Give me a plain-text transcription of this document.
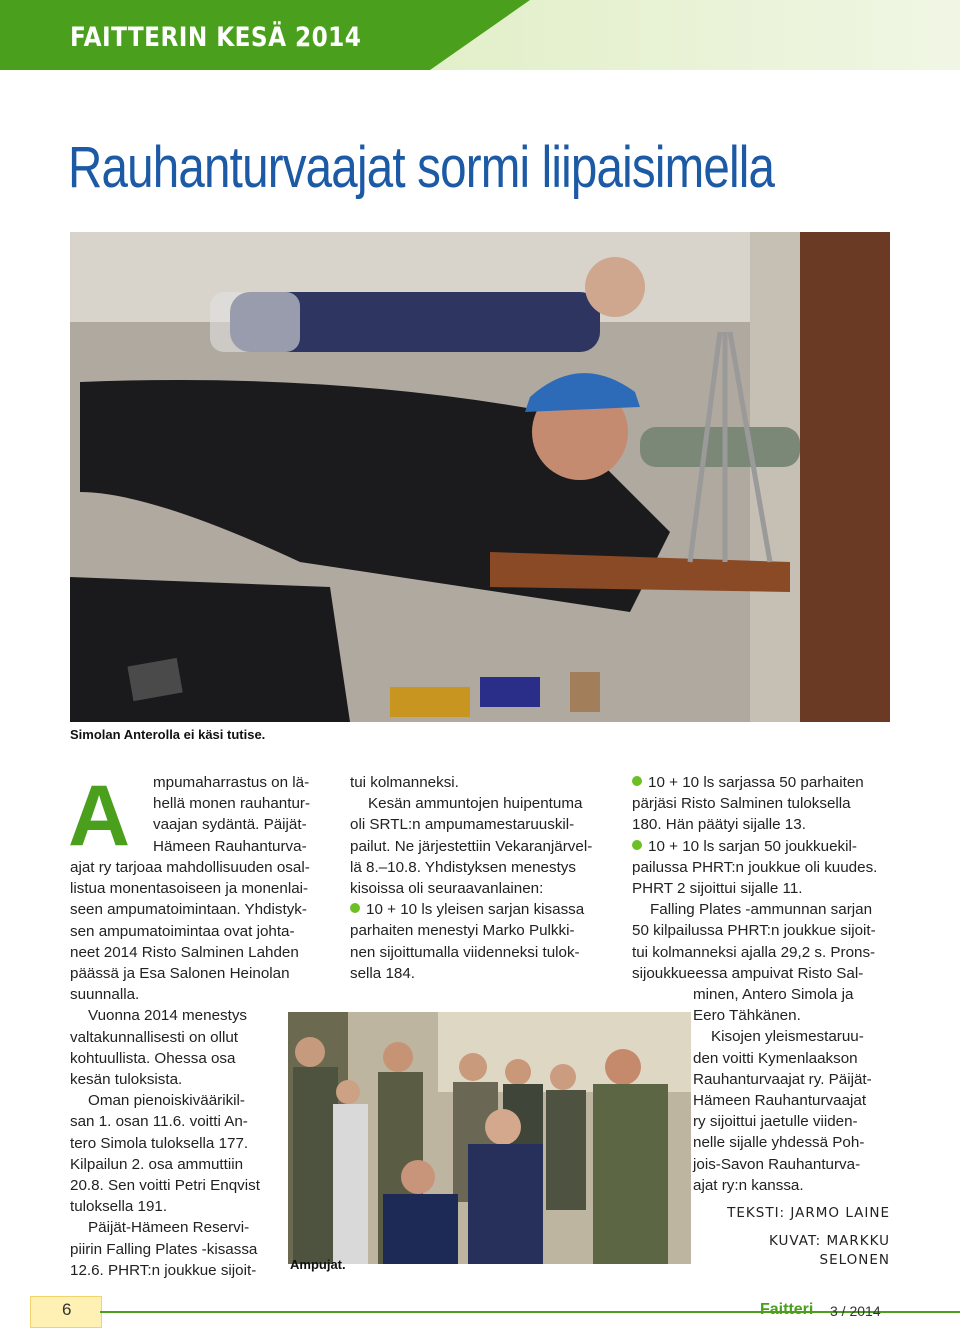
FAITTERIN KESÄ 2014
Rauhanturvaajat sormi liipaisimella
Simolan Anterolla ei käsi tutise.
A mpumaharrastus on lä-
hellä monen rauhantur-
vaajan sydäntä. Päijät-
Hämeen Rauhanturva-
ajat ry tarjoaa mahdollisuuden osal-
listua monentasoiseen ja monenlai-
seen ampumatoimintaan. Yhdistyk-
sen ampumatoimintaa ovat johta-
neet 2014 Risto Salminen Lahden
päässä ja Esa Salonen Heinolan
suunnalla.
Vuonna 2014 menestys
valtakunnallisesti on ollut
kohtuullista. Ohessa osa
kesän tuloksista.
Oman pienoiskiväärikil-
san 1. osan 11.6. voitti An-
tero Simola tuloksella 177.
Kilpailun 2. osa ammuttiin
20.8. Sen voitti Petri Enqvist
tuloksella 191.
Päijät-Hämeen Reservi-
piirin Falling Plates -kisassa
12.6. PHRT:n joukkue sijoit-
tui kolmanneksi.
Kesän ammuntojen huipentuma
oli SRTL:n ampumamestaruuskil-
pailut. Ne järjestettiin Vekaranjärvel-
lä 8.–10.8. Yhdistyksen menestys
kisoissa oli seuraavanlainen:
10 + 10 ls yleisen sarjan kisassa
parhaiten menestyi Marko Pulkki-
nen sijoittumalla viidenneksi tulok-
sella 184.
Ampujat.
10 + 10 ls sarjassa 50 parhaiten
pärjäsi Risto Salminen tuloksella
180. Hän päätyi sijalle 13.
10 + 10 ls sarjan 50 joukkuekil-
pailussa PHRT:n joukkue oli kuudes.
PHRT 2 sijoittui sijalle 11.
Falling Plates -ammunnan sarjan
50 kilpailussa PHRT:n joukkue sijoit-
tui kolmanneksi ajalla 29,2 s. Prons-
sijoukkueessa ampuivat Risto Sal-
minen, Antero Simola ja
Eero Tähkänen.
Kisojen yleismestaruu-
den voitti Kymenlaakson
Rauhanturvaajat ry. Päijät-
Hämeen Rauhanturvaajat
ry sijoittui jaetulle viiden-
nelle sijalle yhdessä Poh-
jois-Savon Rauhanturva-
ajat ry:n kanssa.
TEKSTI: JARMO LAINE
KUVAT: MARKKU
SELONEN
6	Faitteri 3 / 2014
